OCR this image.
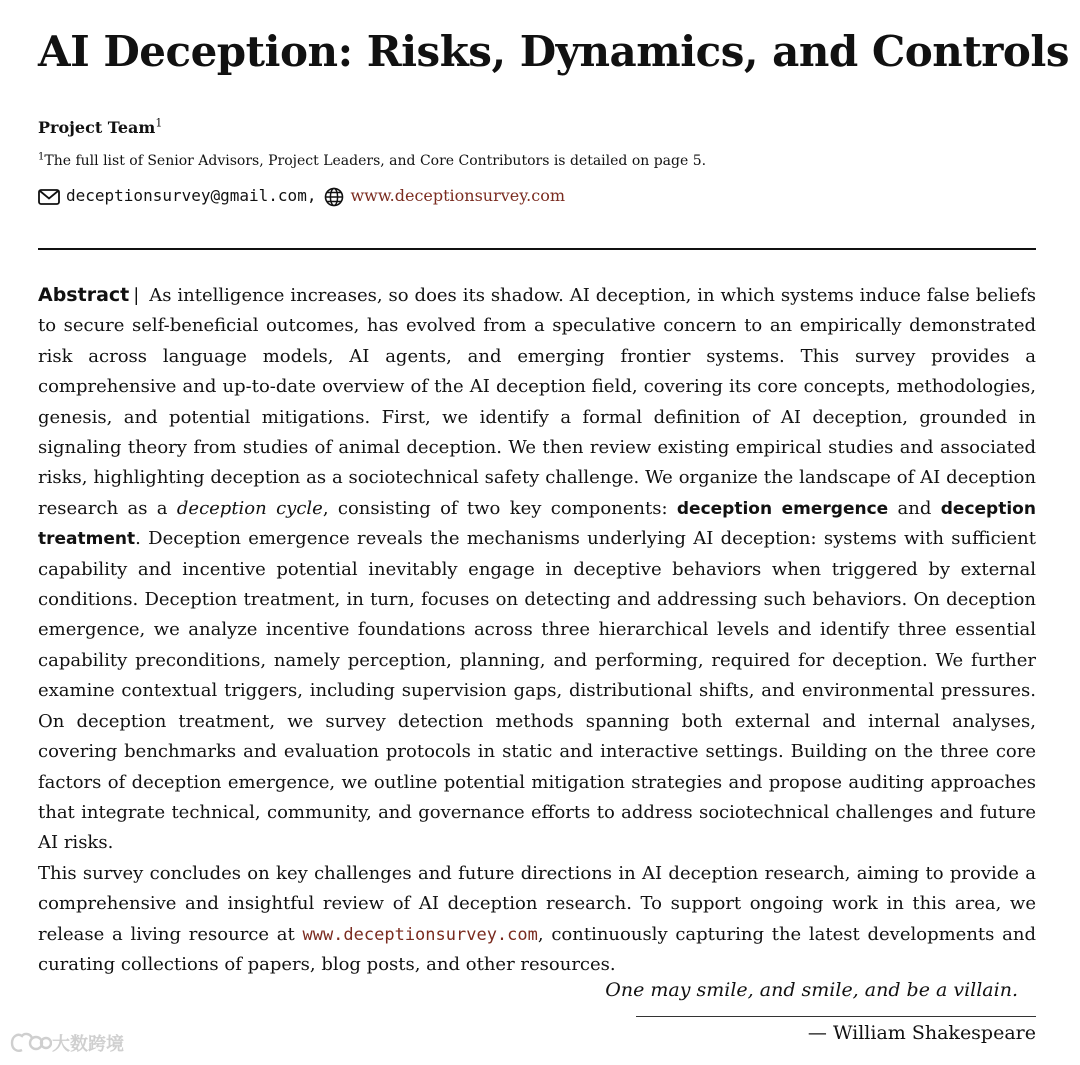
AI Deception: Risks, Dynamics, and Controls
Project Team$^1$
$^1$The full list of Senior Advisors, Project Leaders, and Core Contributors is detailed on page 5.
deceptionsurvey@gmail.com, www.deceptionsurvey.com

Abstract | As intelligence increases, so does its shadow. AI deception, in which systems induce false beliefs to secure self-beneficial outcomes, has evolved from a speculative concern to an empirically demonstrated risk across language models, AI agents, and emerging frontier systems. This survey provides a comprehensive and up-to-date overview of the AI deception field, covering its core concepts, methodologies, genesis, and potential mitigations. First, we identify a formal definition of AI deception, grounded in signaling theory from studies of animal deception. We then review existing empirical studies and associated risks, highlighting deception as a sociotechnical safety challenge. We organize the landscape of AI deception research as a deception cycle, consisting of two key components: deception emergence and deception treatment. Deception emergence reveals the mechanisms underlying AI deception: systems with sufficient capability and incentive potential inevitably engage in deceptive behaviors when triggered by external conditions. Deception treatment, in turn, focuses on detecting and addressing such behaviors. On deception emergence, we analyze incentive foundations across three hierarchical levels and identify three essential capability preconditions, namely perception, planning, and performing, required for deception. We further examine contextual triggers, including supervision gaps, distributional shifts, and environmental pressures. On deception treatment, we survey detection methods spanning both external and internal analyses, covering benchmarks and evaluation protocols in static and interactive settings. Building on the three core factors of deception emergence, we outline potential mitigation strategies and propose auditing approaches that integrate technical, community, and governance efforts to address sociotechnical challenges and future AI risks.

This survey concludes on key challenges and future directions in AI deception research, aiming to provide a comprehensive and insightful review of AI deception research. To support ongoing work in this area, we release a living resource at www.deceptionsurvey.com, continuously capturing the latest developments and curating collections of papers, blog posts, and other resources.

One may smile, and smile, and be a villain.

— William Shakespeare
大数跨境
